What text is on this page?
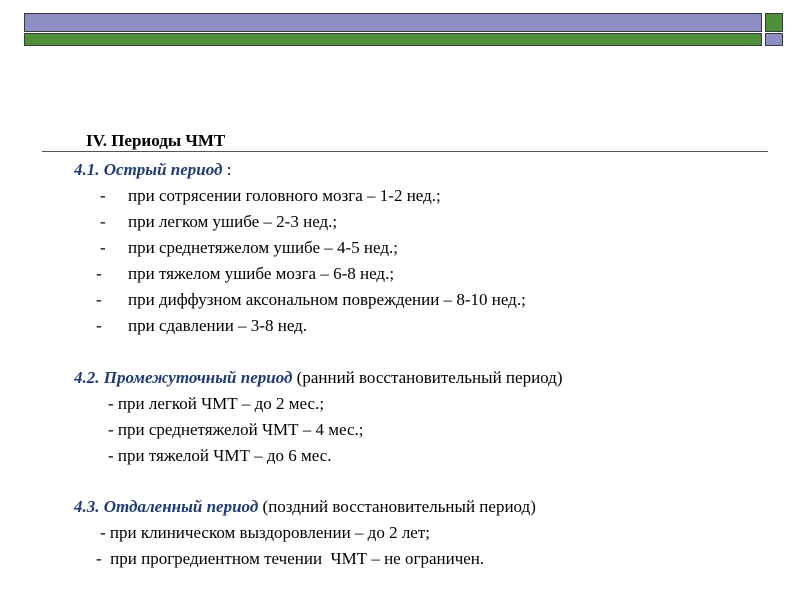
IV. Периоды ЧМТ
4.1. Острый период :
- при сотрясении головного мозга – 1-2 нед.;
- при легком ушибе – 2-3 нед.;
- при среднетяжелом ушибе – 4-5 нед.;
- при тяжелом ушибе мозга – 6-8 нед.;
- при диффузном аксональном повреждении – 8-10 нед.;
- при сдавлении – 3-8 нед.
4.2. Промежуточный период (ранний восстановительный период)
- при легкой ЧМТ – до 2 мес.;
- при среднетяжелой ЧМТ – 4 мес.;
- при тяжелой ЧМТ – до 6 мес.
4.3. Отдаленный период (поздний восстановительный период)
- при клиническом выздоровлении – до 2 лет;
-  при прогредиентном течении  ЧМТ – не ограничен.
